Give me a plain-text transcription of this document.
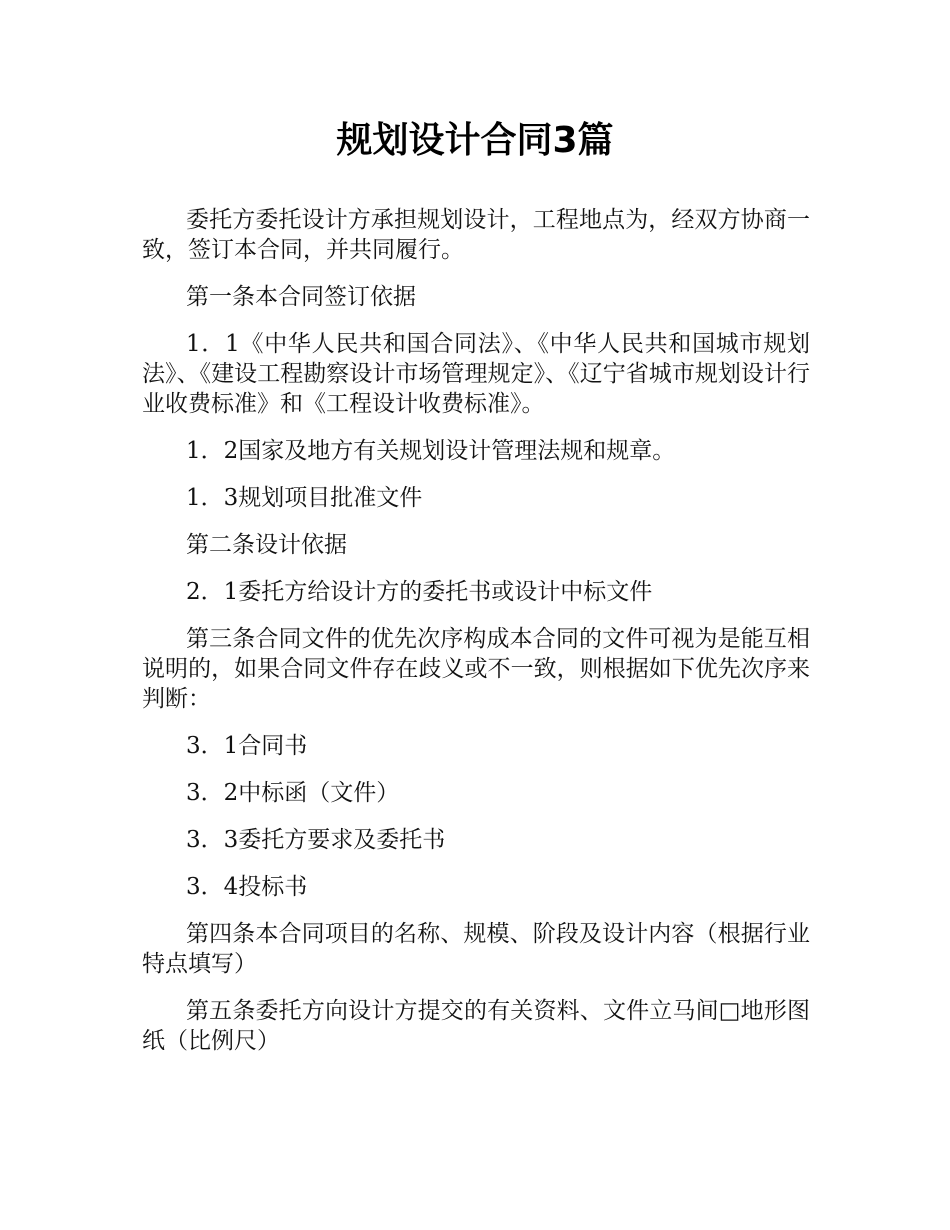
规划设计合同3篇

委托方委托设计方承担规划设计，工程地点为，经双方协商一致，签订本合同，并共同履行。

第一条本合同签订依据

1．1《中华人民共和国合同法》、《中华人民共和国城市规划法》、《建设工程勘察设计市场管理规定》、《辽宁省城市规划设计行业收费标准》和《工程设计收费标准》。

1．2国家及地方有关规划设计管理法规和规章。

1．3规划项目批准文件

第二条设计依据

2．1委托方给设计方的委托书或设计中标文件

第三条合同文件的优先次序构成本合同的文件可视为是能互相说明的，如果合同文件存在歧义或不一致，则根据如下优先次序来判断：

3．1合同书

3．2中标函（文件）

3．3委托方要求及委托书

3．4投标书

第四条本合同项目的名称、规模、阶段及设计内容（根据行业特点填写）

第五条委托方向设计方提交的有关资料、文件立马间□地形图纸（比例尺）
